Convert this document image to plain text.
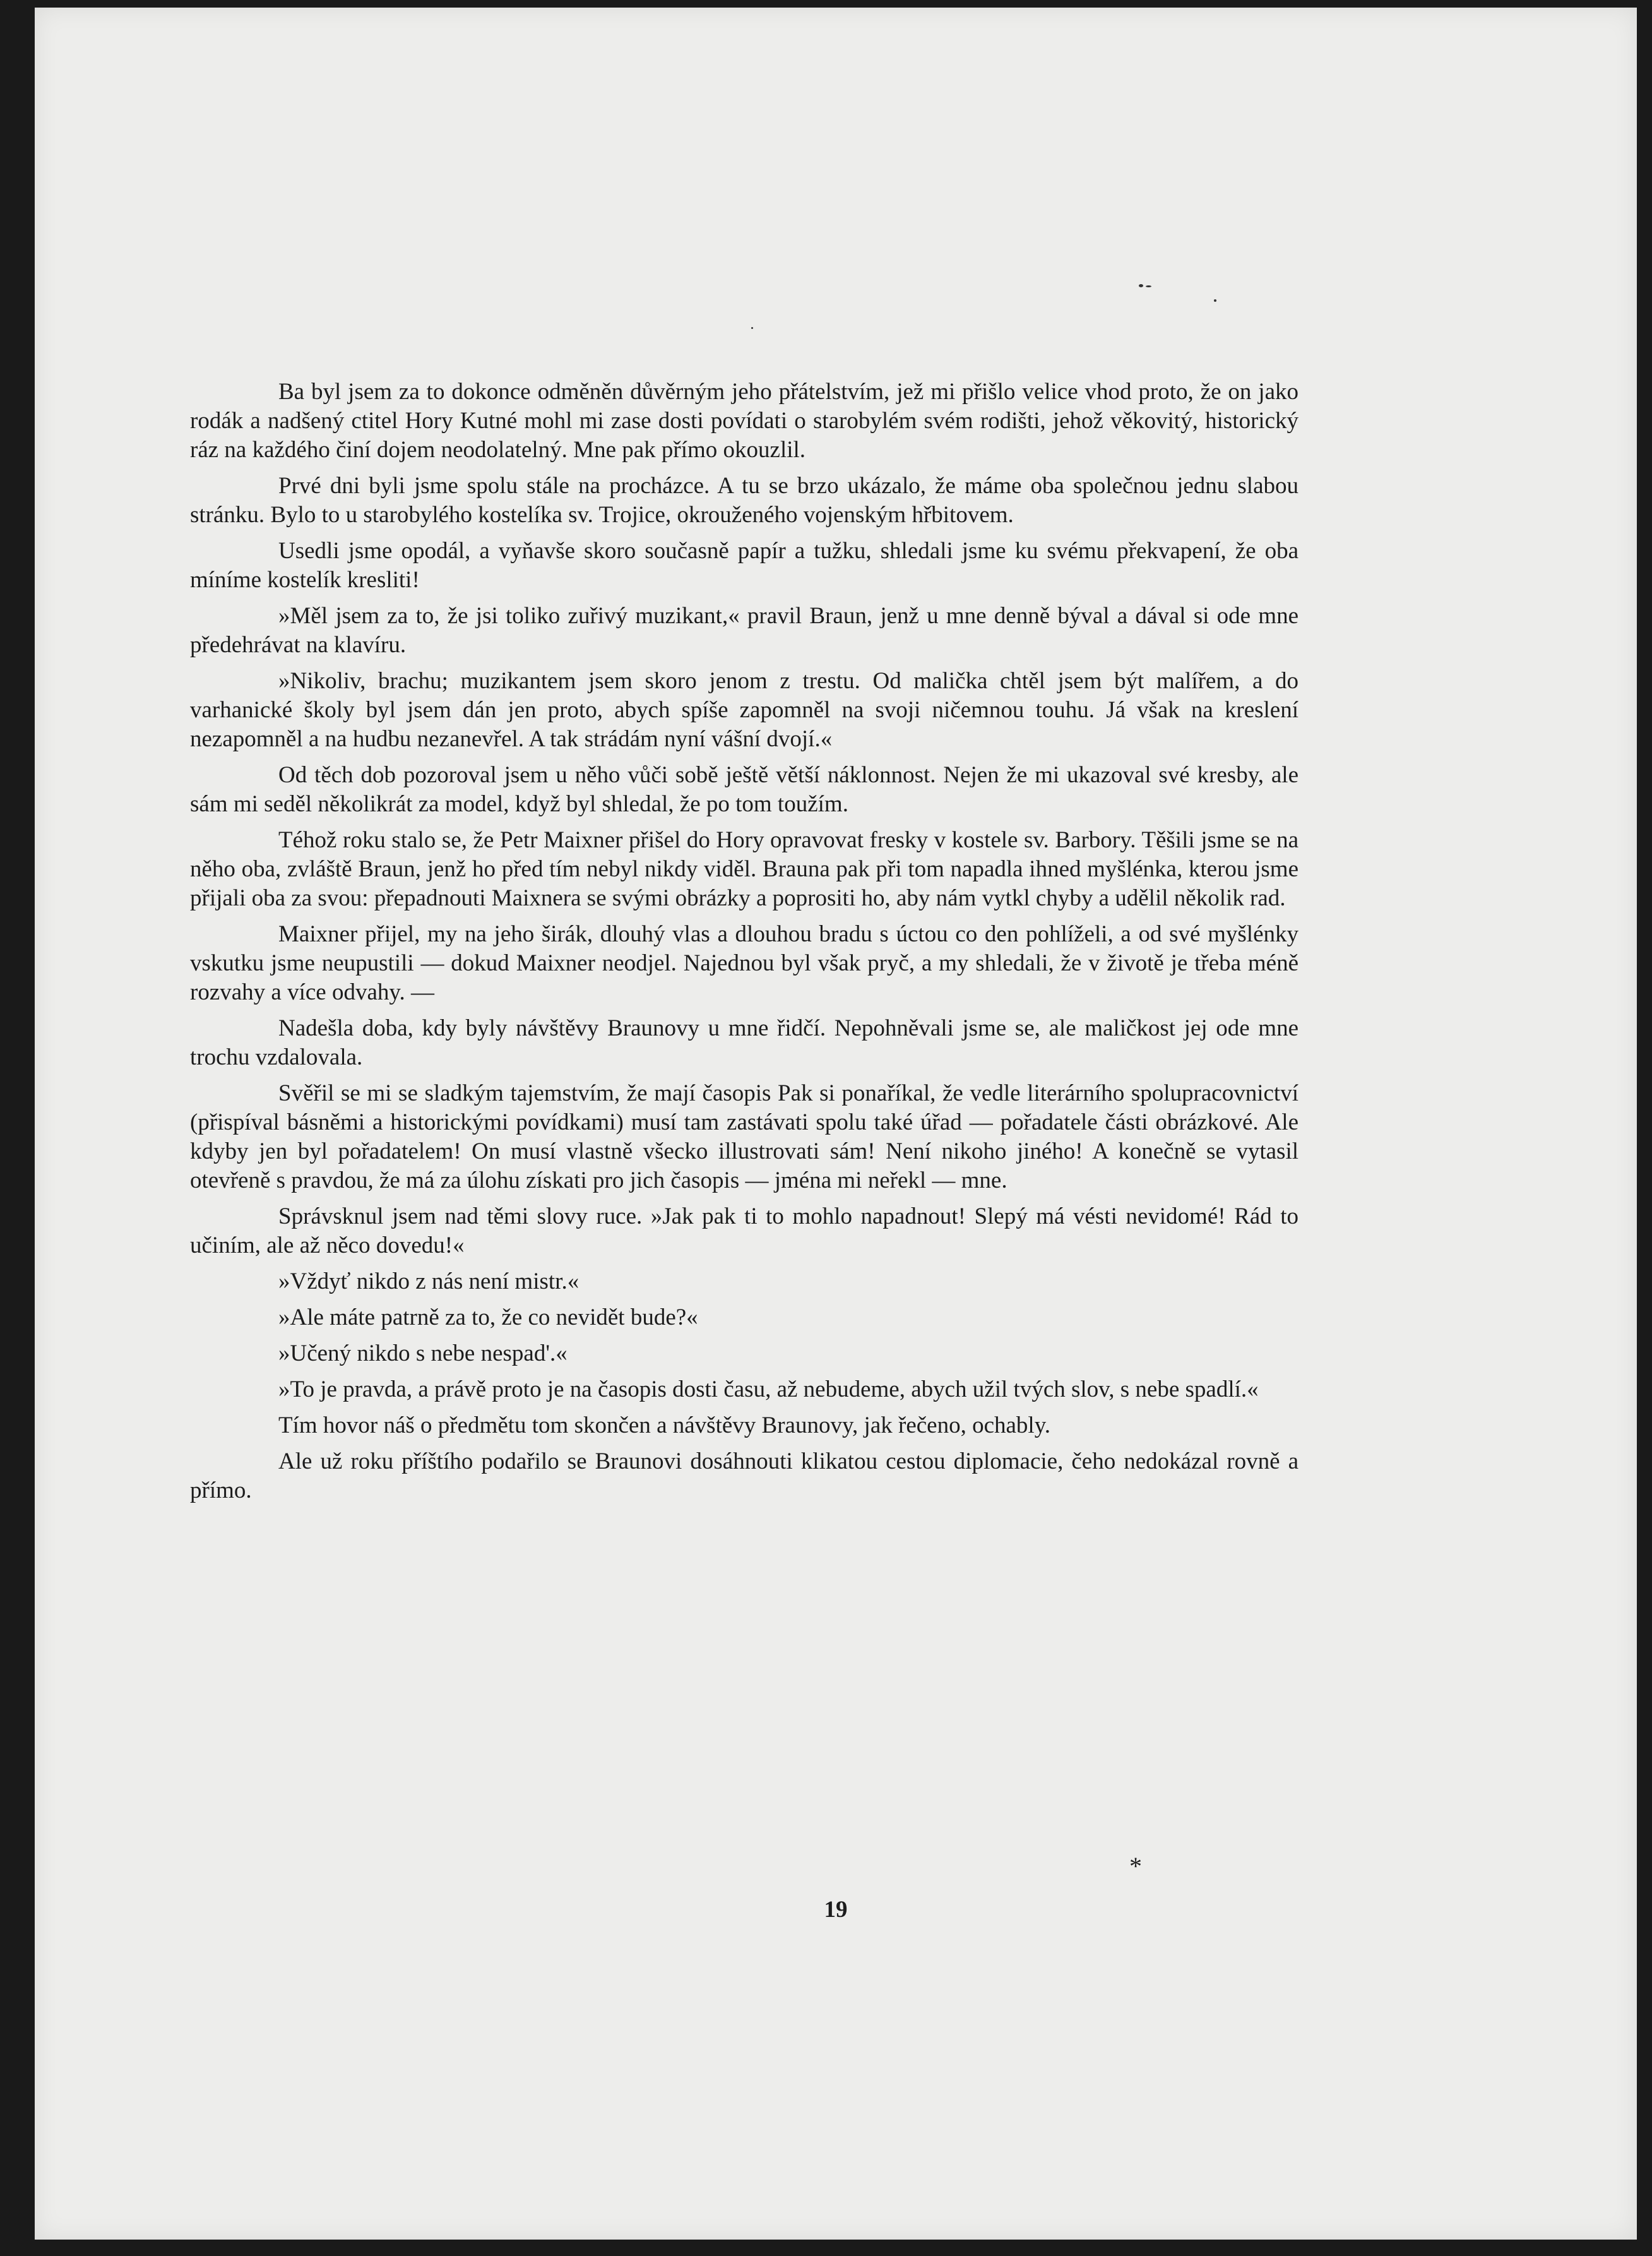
Ba byl jsem za to dokonce odměněn důvěrným jeho přátelstvím, jež mi přišlo velice vhod proto, že on jako rodák a nadšený ctitel Hory Kutné mohl mi zase dosti povídati o starobylém svém rodišti, jehož věkovitý, historický ráz na každého činí dojem neodolatelný. Mne pak přímo okouzlil.

Prvé dni byli jsme spolu stále na procházce. A tu se brzo ukázalo, že máme oba společnou jednu slabou stránku. Bylo to u starobylého kostelíka sv. Trojice, okrouženého vojenským hřbitovem.

Usedli jsme opodál, a vyňavše skoro současně papír a tužku, shledali jsme ku svému překvapení, že oba míníme kostelík kresliti!

»Měl jsem za to, že jsi toliko zuřivý muzikant,« pravil Braun, jenž u mne denně býval a dával si ode mne předehrávat na klavíru.

»Nikoliv, brachu; muzikantem jsem skoro jenom z trestu. Od malička chtěl jsem být malířem, a do varhanické školy byl jsem dán jen proto, abych spíše zapomněl na svoji ničemnou touhu. Já však na kreslení nezapomněl a na hudbu nezanevřel. A tak strádám nyní vášní dvojí.«

Od těch dob pozoroval jsem u něho vůči sobě ještě větší náklonnost. Nejen že mi ukazoval své kresby, ale sám mi seděl několikrát za model, když byl shledal, že po tom toužím.

Téhož roku stalo se, že Petr Maixner přišel do Hory opravovat fresky v kostele sv. Barbory. Těšili jsme se na něho oba, zvláště Braun, jenž ho před tím nebyl nikdy viděl. Brauna pak při tom napadla ihned myšlénka, kterou jsme přijali oba za svou: přepadnouti Maixnera se svými obrázky a poprositi ho, aby nám vytkl chyby a udělil několik rad.

Maixner přijel, my na jeho širák, dlouhý vlas a dlouhou bradu s úctou co den pohlíželi, a od své myšlénky vskutku jsme neupustili — dokud Maixner neodjel. Najednou byl však pryč, a my shledali, že v životě je třeba méně rozvahy a více odvahy. —

Nadešla doba, kdy byly návštěvy Braunovy u mne řidčí. Nepohněvali jsme se, ale maličkost jej ode mne trochu vzdalovala.

Svěřil se mi se sladkým tajemstvím, že mají časopis Pak si ponaříkal, že vedle literárního spolupracovnictví (přispíval básněmi a historickými povídkami) musí tam zastávati spolu také úřad — pořadatele části obrázkové. Ale kdyby jen byl pořadatelem! On musí vlastně všecko illustrovati sám! Není nikoho jiného! A konečně se vytasil otevřeně s pravdou, že má za úlohu získati pro jich časopis — jména mi neřekl — mne.

Správsknul jsem nad těmi slovy ruce. »Jak pak ti to mohlo napadnout! Slepý má vésti nevidomé! Rád to učiním, ale až něco dovedu!«

»Vždyť nikdo z nás není mistr.«

»Ale máte patrně za to, že co nevidět bude?«

»Učený nikdo s nebe nespad'.«

»To je pravda, a právě proto je na časopis dosti času, až nebudeme, abych užil tvých slov, s nebe spadlí.«

Tím hovor náš o předmětu tom skončen a návštěvy Braunovy, jak řečeno, ochably.

Ale už roku příštího podařilo se Braunovi dosáhnouti klikatou cestou diplomacie, čeho nedokázal rovně a přímo.

*
19
